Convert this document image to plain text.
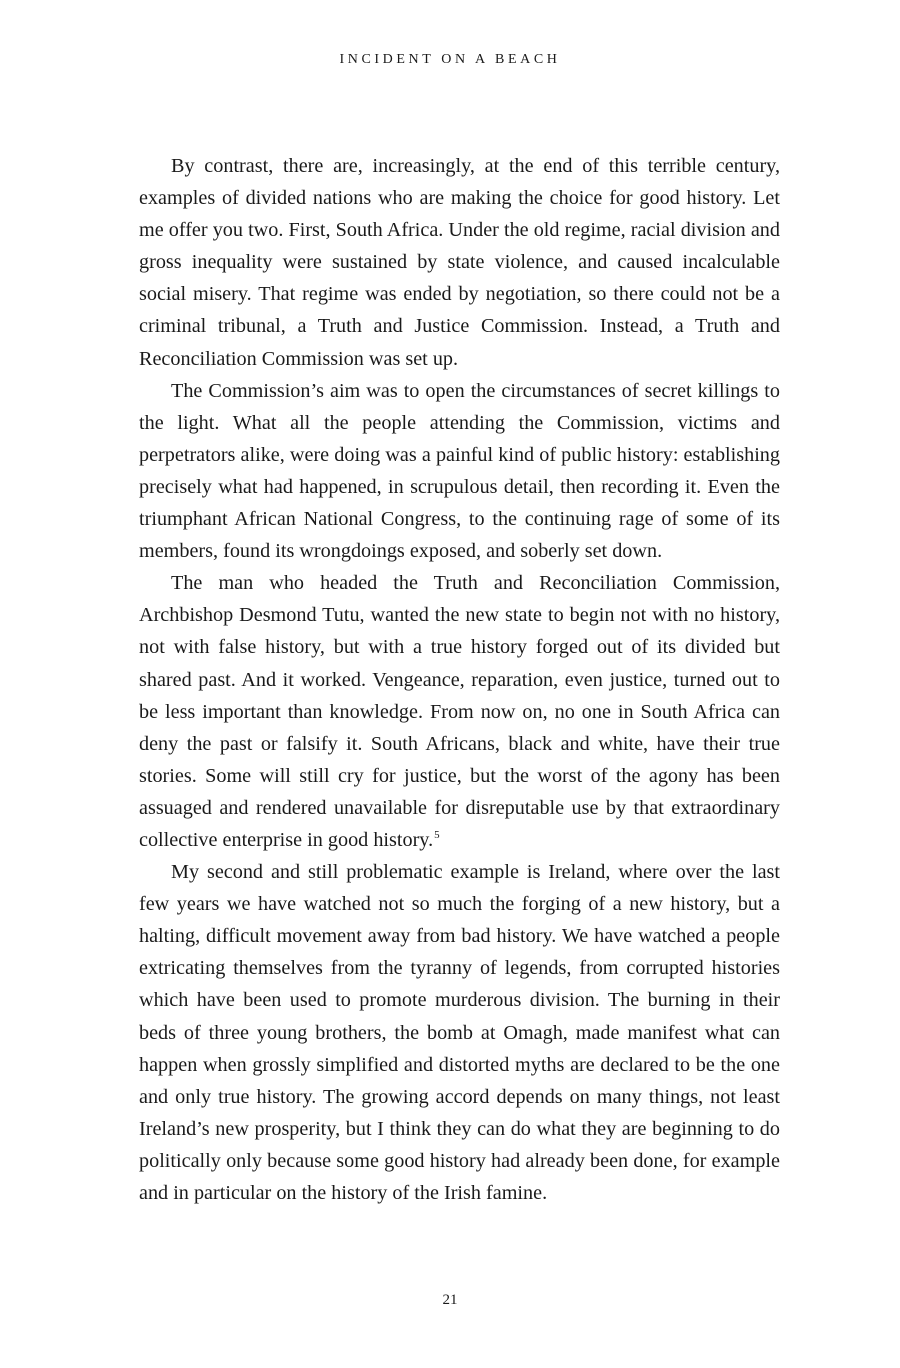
INCIDENT ON A BEACH

By contrast, there are, increasingly, at the end of this terrible century, examples of divided nations who are making the choice for good history. Let me offer you two. First, South Africa. Under the old regime, racial division and gross inequality were sustained by state violence, and caused incalculable social misery. That regime was ended by negotiation, so there could not be a criminal tribunal, a Truth and Justice Commission. Instead, a Truth and Reconciliation Commission was set up.

The Commission’s aim was to open the circumstances of secret killings to the light. What all the people attending the Commission, victims and perpetrators alike, were doing was a painful kind of public history: establishing precisely what had happened, in scrupulous detail, then recording it. Even the triumphant African National Congress, to the continuing rage of some of its members, found its wrongdoings exposed, and soberly set down.

The man who headed the Truth and Reconciliation Commission, Archbishop Desmond Tutu, wanted the new state to begin not with no history, not with false history, but with a true history forged out of its divided but shared past. And it worked. Vengeance, reparation, even justice, turned out to be less important than knowledge. From now on, no one in South Africa can deny the past or falsify it. South Africans, black and white, have their true stories. Some will still cry for justice, but the worst of the agony has been assuaged and rendered unavailable for disreputable use by that extraordinary collective enterprise in good history.$^5$

My second and still problematic example is Ireland, where over the last few years we have watched not so much the forging of a new history, but a halting, difficult movement away from bad history. We have watched a people extricating themselves from the tyranny of legends, from corrupted histories which have been used to promote murderous division. The burning in their beds of three young brothers, the bomb at Omagh, made manifest what can happen when grossly simplified and distorted myths are declared to be the one and only true history. The growing accord depends on many things, not least Ireland’s new prosperity, but I think they can do what they are beginning to do politically only because some good history had already been done, for example and in particular on the history of the Irish famine.

21
